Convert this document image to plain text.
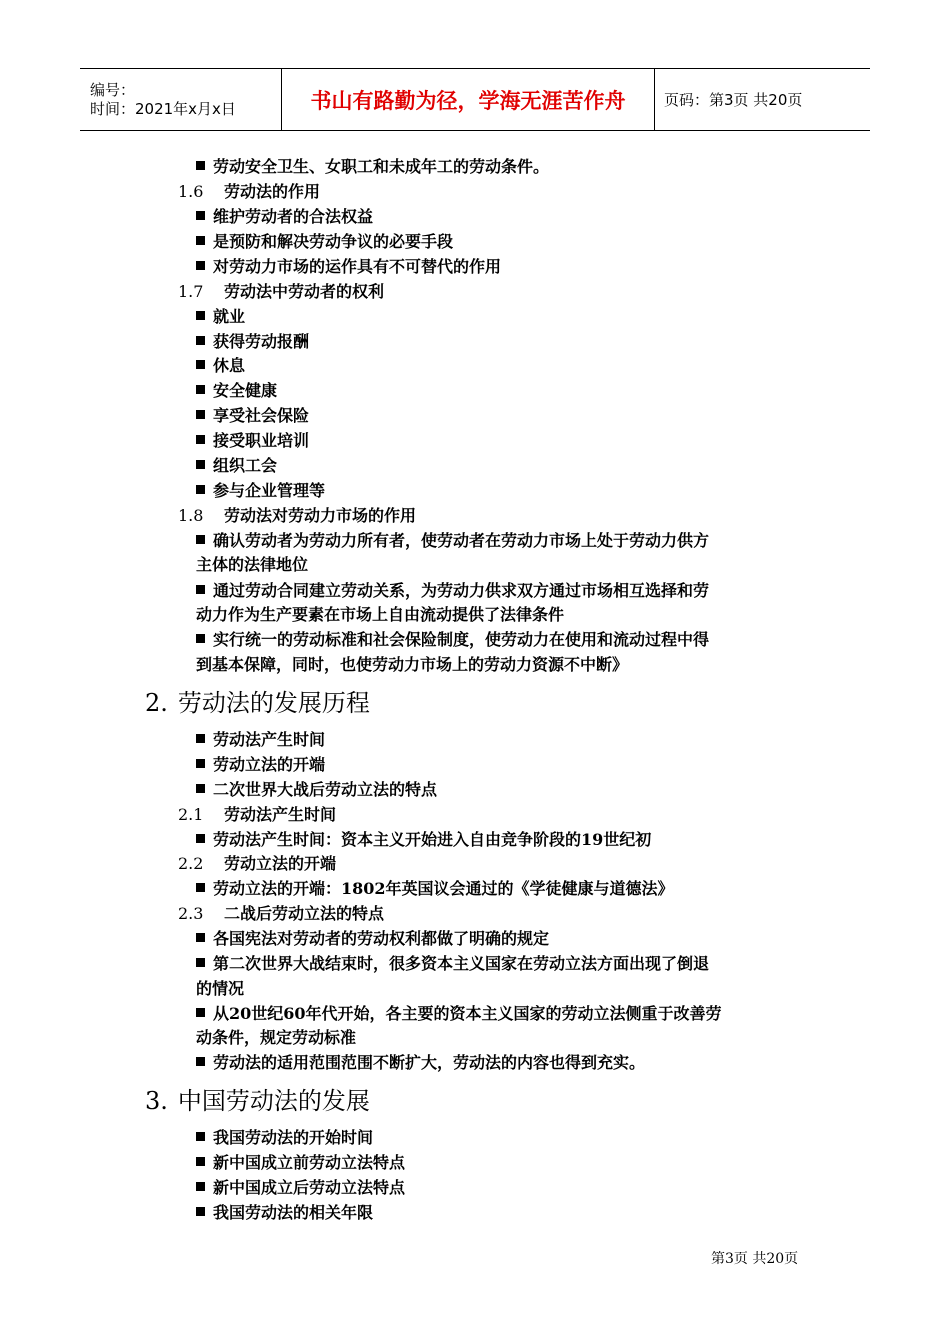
编号：
时间：2021年x月x日	书山有路勤为径，学海无涯苦作舟	页码：第3页 共20页
劳动安全卫生、女职工和未成年工的劳动条件。
1.6 劳动法的作用
维护劳动者的合法权益
是预防和解决劳动争议的必要手段
对劳动力市场的运作具有不可替代的作用
1.7 劳动法中劳动者的权利
就业
获得劳动报酬
休息
安全健康
享受社会保险
接受职业培训
组织工会
参与企业管理等
1.8 劳动法对劳动力市场的作用
确认劳动者为劳动力所有者，使劳动者在劳动力市场上处于劳动力供方
主体的法律地位
通过劳动合同建立劳动关系，为劳动力供求双方通过市场相互选择和劳
动力作为生产要素在市场上自由流动提供了法律条件
实行统一的劳动标准和社会保险制度，使劳动力在使用和流动过程中得
到基本保障，同时，也使劳动力市场上的劳动力资源不中断》
2. 劳动法的发展历程
劳动法产生时间
劳动立法的开端
二次世界大战后劳动立法的特点
2.1 劳动法产生时间
劳动法产生时间：资本主义开始进入自由竞争阶段的19世纪初
2.2 劳动立法的开端
劳动立法的开端：1802年英国议会通过的《学徒健康与道德法》
2.3 二战后劳动立法的特点
各国宪法对劳动者的劳动权利都做了明确的规定
第二次世界大战结束时，很多资本主义国家在劳动立法方面出现了倒退
的情况
从20世纪60年代开始，各主要的资本主义国家的劳动立法侧重于改善劳
动条件，规定劳动标准
劳动法的适用范围范围不断扩大，劳动法的内容也得到充实。
3. 中国劳动法的发展
我国劳动法的开始时间
新中国成立前劳动立法特点
新中国成立后劳动立法特点
我国劳动法的相关年限
第3页 共20页
